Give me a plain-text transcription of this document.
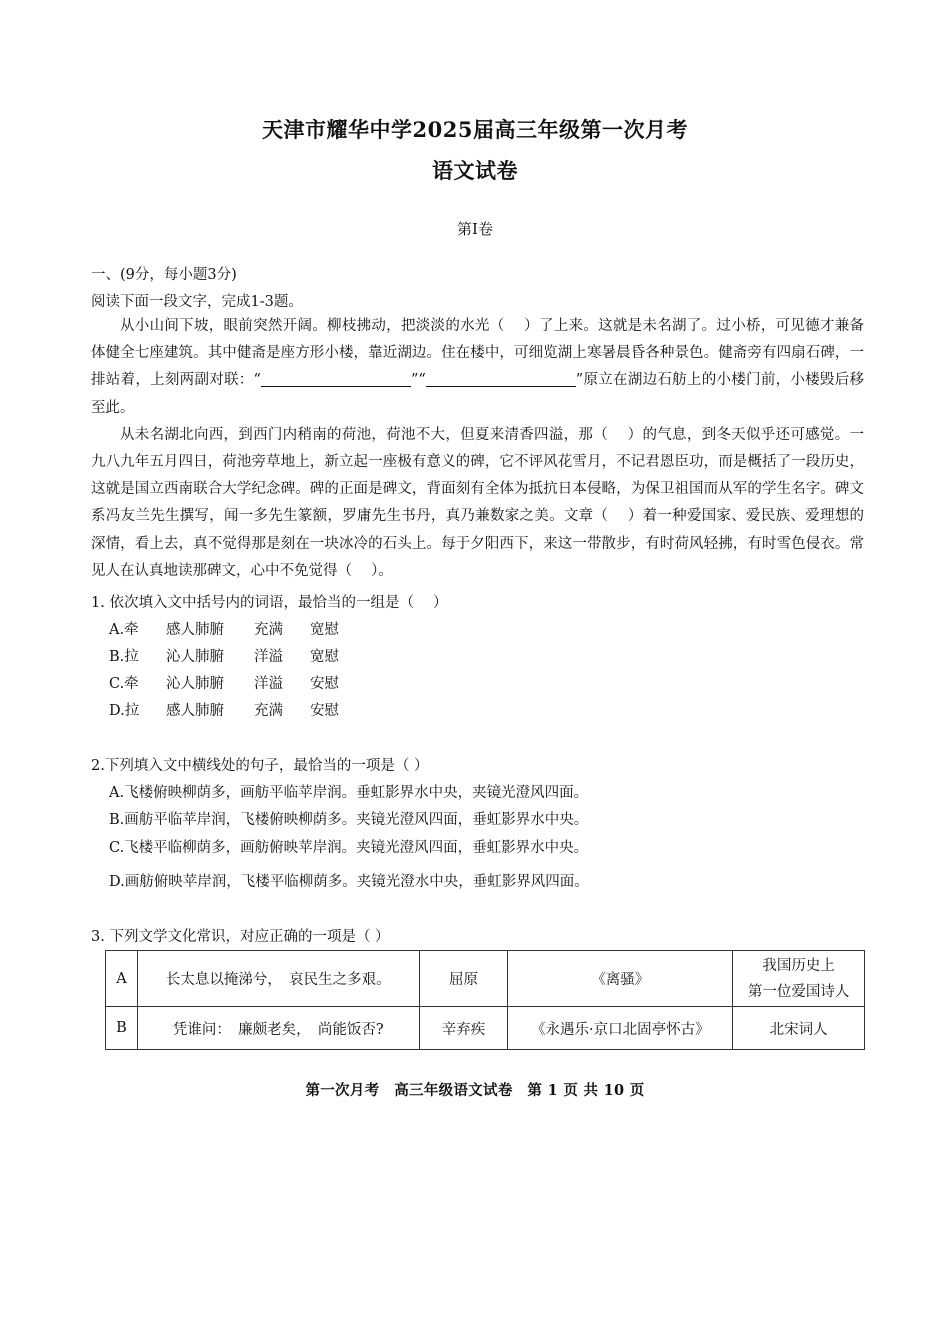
天津市耀华中学2025届高三年级第一次月考
语文试卷
第Ⅰ卷
一、(9分，每小题3分)
阅读下面一段文字，完成1-3题。

从小山间下坡，眼前突然开阔。柳枝拂动，把淡淡的水光（　 ）了上来。这就是未名湖了。过小桥，可见德才兼备体健全七座建筑。其中健斋是座方形小楼，靠近湖边。住在楼中，可细览湖上寒暑晨昏各种景色。健斋旁有四扇石碑，一排站着，上刻两副对联：“	”“	”原立在湖边石舫上的小楼门前，小楼毁后移至此。

从未名湖北向西，到西门内稍南的荷池，荷池不大，但夏来清香四溢，那（　 ）的气息，到冬天似乎还可感觉。一九八九年五月四日，荷池旁草地上，新立起一座极有意义的碑，它不评风花雪月，不记君恩臣功，而是概括了一段历史，这就是国立西南联合大学纪念碑。碑的正面是碑文，背面刻有全体为抵抗日本侵略，为保卫祖国而从军的学生名字。碑文系冯友兰先生撰写，闻一多先生篆额，罗庸先生书丹，真乃兼数家之美。文章（　 ）着一种爱国家、爱民族、爱理想的深情，看上去，真不觉得那是刻在一块冰冷的石头上。每于夕阳西下，来这一带散步，有时荷风轻拂，有时雪色侵衣。常见人在认真地读那碑文，心中不免觉得（　 ）。

1. 依次填入文中括号内的词语，最恰当的一组是（　 ）
A.牵 感人肺腑 充满 宽慰
B.拉 沁人肺腑 洋溢 宽慰
C.牵 沁人肺腑 洋溢 安慰
D.拉 感人肺腑 充满 安慰
2.下列填入文中横线处的句子，最恰当的一项是（ ）
A.飞楼俯映柳荫多，画舫平临苹岸润。垂虹影界水中央，夹镜光澄风四面。
B.画舫平临苹岸润，飞楼俯映柳荫多。夹镜光澄风四面，垂虹影界水中央。
C.飞楼平临柳荫多，画舫俯映苹岸润。夹镜光澄风四面，垂虹影界水中央。
D.画舫俯映苹岸润，飞楼平临柳荫多。夹镜光澄水中央，垂虹影界风四面。
3. 下列文学文化常识，对应正确的一项是（ ）
A	长太息以掩涕兮，　哀民生之多艰。	屈原	《离骚》	我国历史上
第一位爱国诗人
B	凭谁问：　廉颇老矣，　尚能饭否?	辛弃疾	《永遇乐·京口北固亭怀古》	北宋词人
第一次月考　高三年级语文试卷　第 1 页 共 10 页
